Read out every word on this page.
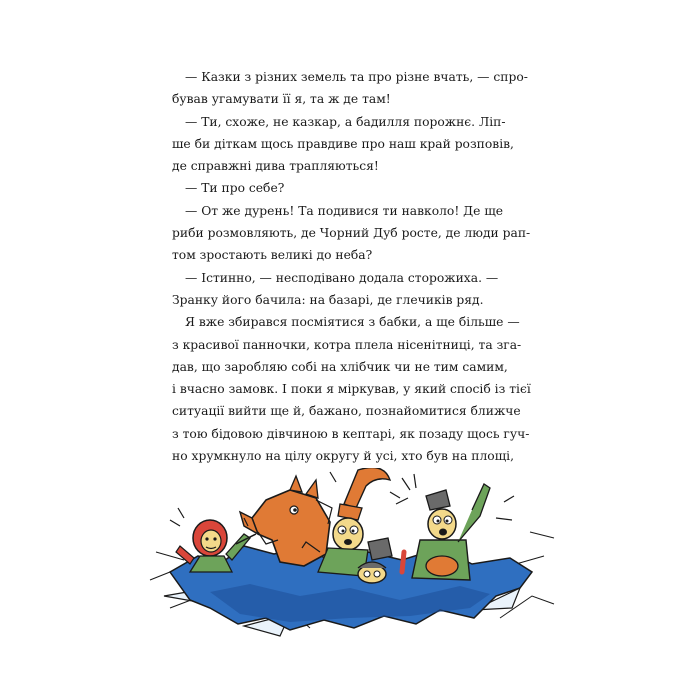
— Казки з різних земель та про різне вчать, — спро-

бував угамувати її я, та ж де там!

— Ти, схоже, не казкар, а бадилля порожнє. Ліп-

ше би діткам щось правдиве про наш край розповів,

де справжні дива трапляються!

— Ти про себе?

— От же дурень! Та подивися ти навколо! Де ще

риби розмовляють, де Чорний Дуб росте, де люди рап-

том зростають великі до неба?

— Істинно, — несподівано додала сторожиха. —

Зранку його бачила: на базарі, де глечиків ряд.

Я вже збирався посміятися з бабки, а ще більше —

з красивої панночки, котра плела нісенітниці, та зга-

дав, що заробляю собі на хлібчик чи не тим самим,

і вчасно замовк. І поки я міркував, у який спосіб із тієї

ситуації вийти ще й, бажано, познайомитися ближче

з тою бідовою дівчиною в кептарі, як позаду щось гуч-

но хрумкнуло на цілу округу й усі, хто був на площі,
